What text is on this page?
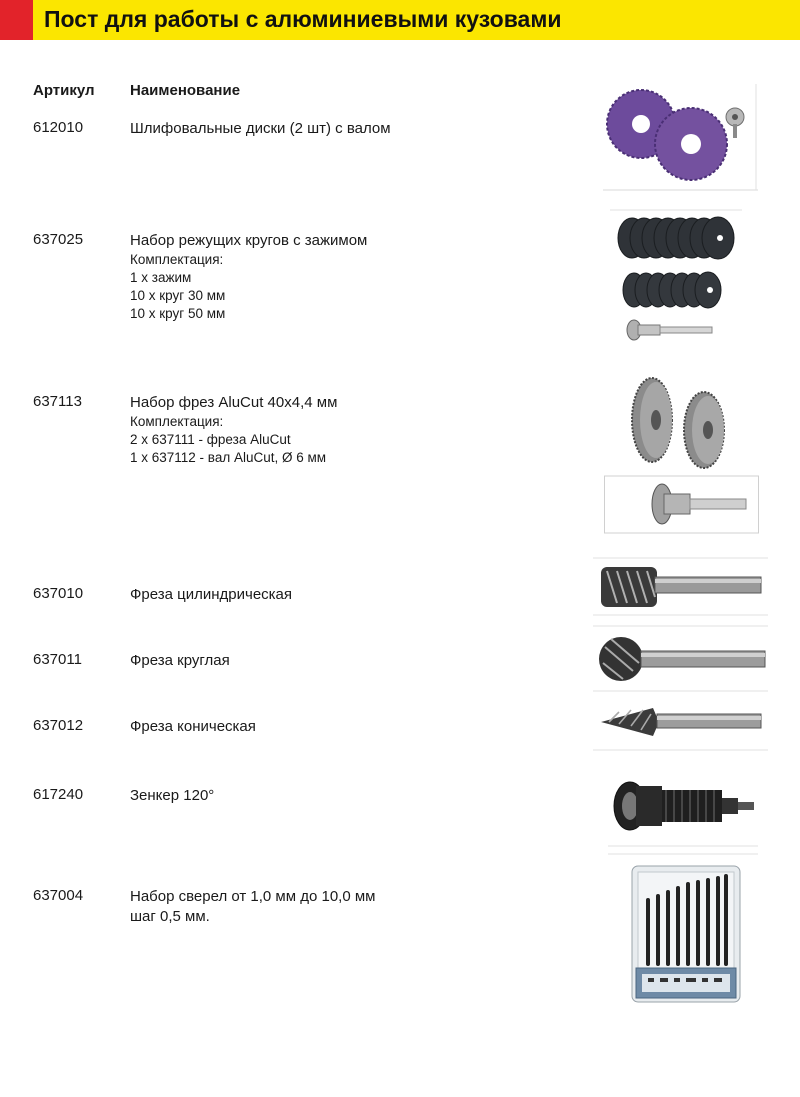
Пост для работы с алюминиевыми кузовами
Артикул Наименование
612010	Шлифовальные диски (2 шт) с валом
637025	Набор режущих кругов с зажимом
Комплектация:
1 х зажим
10 х круг 30 мм
10 х круг 50 мм
637113	Набор фрез AluCut 40x4,4 мм
Комплектация:
2 х 637111 - фреза AluCut
1 х 637112 - вал AluCut, Ø 6 мм
637010	Фреза цилиндрическая
637011	Фреза круглая
637012	Фреза коническая
617240	Зенкер 120°
637004	Набор сверел от 1,0 мм до 10,0 мм
шаг 0,5 мм.
